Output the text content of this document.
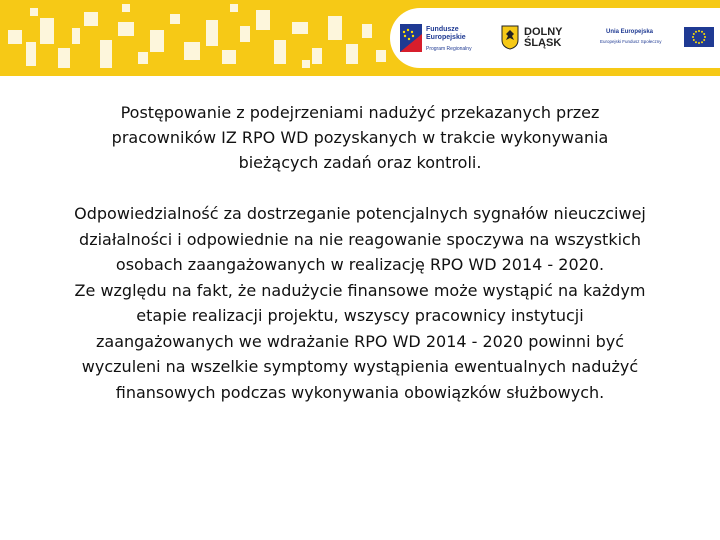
Fundusze
Europejskie
Program Regionalny
DOLNY
ŚLĄSK
Unia Europejska
Europejski Fundusz Społeczny

Postępowanie z podejrzeniami nadużyć przekazanych przez
pracowników IZ RPO WD pozyskanych w trakcie wykonywania
bieżących zadań oraz kontroli.

Odpowiedzialność za dostrzeganie potencjalnych sygnałów nieuczciwej
działalności i odpowiednie na nie reagowanie spoczywa na wszystkich
osobach zaangażowanych w realizację RPO WD 2014 - 2020.
Ze względu na fakt, że nadużycie finansowe może wystąpić na każdym
etapie realizacji projektu, wszyscy pracownicy instytucji
zaangażowanych we wdrażanie RPO WD 2014 - 2020 powinni być
wyczuleni na wszelkie symptomy wystąpienia ewentualnych nadużyć
finansowych podczas wykonywania obowiązków służbowych.
